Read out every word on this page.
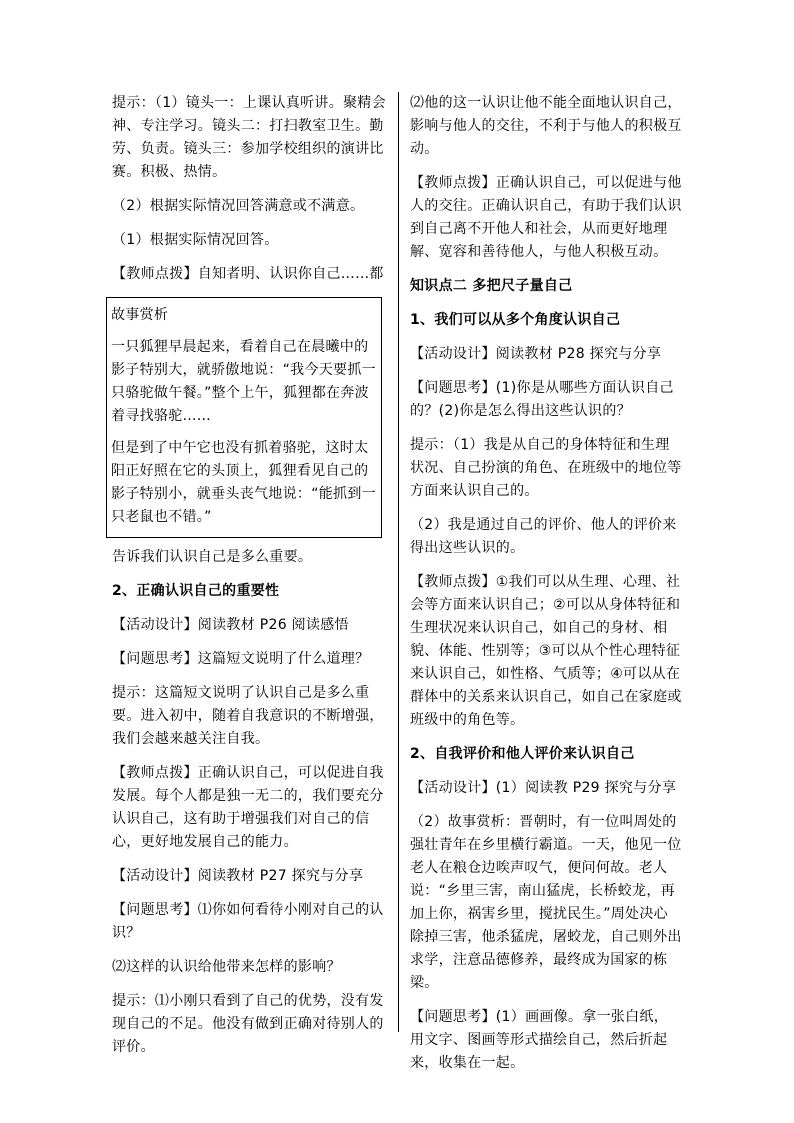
提示：（1）镜头一：上课认真听讲。聚精会神、专注学习。镜头二：打扫教室卫生。勤劳、负责。镜头三：参加学校组织的演讲比赛。积极、热情。

（2）根据实际情况回答满意或不满意。

（1）根据实际情况回答。

【教师点拨】自知者明、认识你自己……都

故事赏析

一只狐狸早晨起来，看着自己在晨曦中的影子特别大，就骄傲地说：“我今天要抓一只骆驼做午餐。”整个上午，狐狸都在奔波着寻找骆驼……

但是到了中午它也没有抓着骆驼，这时太阳正好照在它的头顶上，狐狸看见自己的影子特别小，就垂头丧气地说：“能抓到一只老鼠也不错。”

告诉我们认识自己是多么重要。

2、正确认识自己的重要性

【活动设计】阅读教材 P26 阅读感悟

【问题思考】这篇短文说明了什么道理？

提示：这篇短文说明了认识自己是多么重要。进入初中，随着自我意识的不断增强，我们会越来越关注自我。

【教师点拨】正确认识自己，可以促进自我发展。每个人都是独一无二的，我们要充分认识自己，这有助于增强我们对自己的信心，更好地发展自己的能力。

【活动设计】阅读教材 P27 探究与分享

【问题思考】⑴你如何看待小刚对自己的认识？

⑵这样的认识给他带来怎样的影响？

提示：⑴小刚只看到了自己的优势，没有发现自己的不足。他没有做到正确对待别人的评价。

⑵他的这一认识让他不能全面地认识自己，影响与他人的交往，不利于与他人的积极互动。

【教师点拨】正确认识自己，可以促进与他人的交往。正确认识自己，有助于我们认识到自己离不开他人和社会，从而更好地理解、宽容和善待他人，与他人积极互动。

知识点二 多把尺子量自己

1、我们可以从多个角度认识自己

【活动设计】阅读教材 P28 探究与分享

【问题思考】(1)你是从哪些方面认识自己的？(2)你是怎么得出这些认识的？

提示：（1）我是从自己的身体特征和生理状况、自己扮演的角色、在班级中的地位等方面来认识自己的。

（2）我是通过自己的评价、他人的评价来得出这些认识的。

【教师点拨】①我们可以从生理、心理、社会等方面来认识自己；②可以从身体特征和生理状况来认识自己，如自己的身材、相貌、体能、性别等；③可以从个性心理特征来认识自己，如性格、气质等；④可以从在群体中的关系来认识自己，如自己在家庭或班级中的角色等。

2、自我评价和他人评价来认识自己

【活动设计】(1）阅读教 P29 探究与分享

（2）故事赏析：晋朝时，有一位叫周处的强壮青年在乡里横行霸道。一天，他见一位老人在粮仓边唉声叹气，便问何故。老人说：“乡里三害，南山猛虎，长桥蛟龙，再加上你，祸害乡里，搅扰民生。”周处决心除掉三害，他杀猛虎，屠蛟龙，自己则外出求学，注意品德修养，最终成为国家的栋梁。

【问题思考】(1）画画像。拿一张白纸，用文字、图画等形式描绘自己，然后折起来，收集在一起。
